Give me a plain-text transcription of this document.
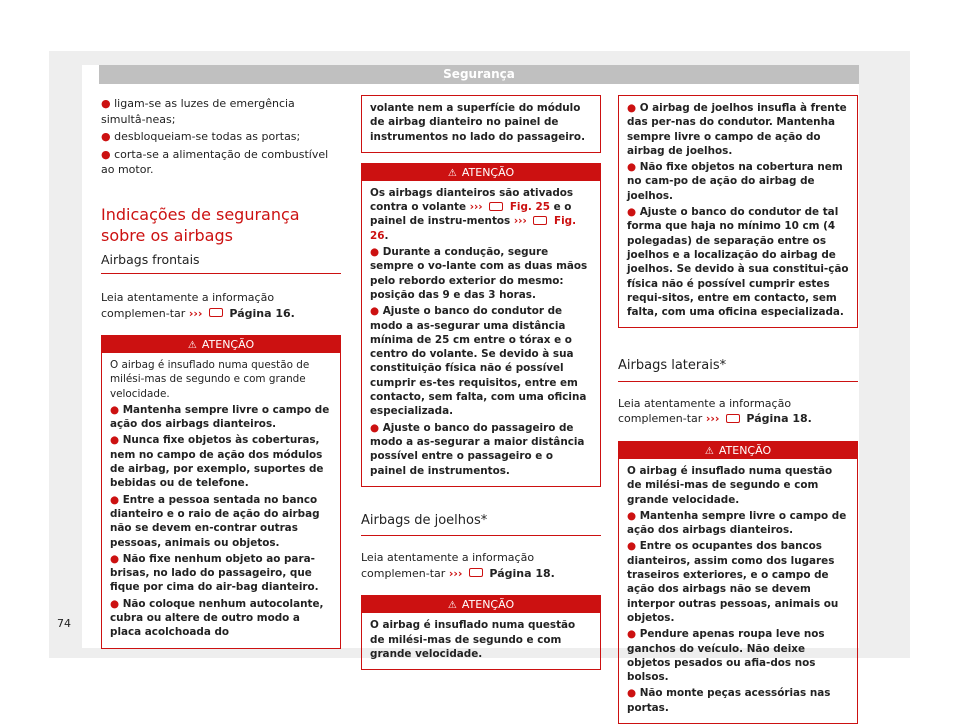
Segurança

● ligam-se as luzes de emergência simultâ-neas;

● desbloqueiam-se todas as portas;

● corta-se a alimentação de combustível ao motor.

Indicações de segurança sobre os airbags
Airbags frontais

Leia atentamente a informação complemen-tar ››› Página 16.

⚠ ATENÇÃO

O airbag é insuflado numa questão de milési-mas de segundo e com grande velocidade.

● Mantenha sempre livre o campo de ação dos airbags dianteiros.

● Nunca fixe objetos às coberturas, nem no campo de ação dos módulos de airbag, por exemplo, suportes de bebidas ou de telefone.

● Entre a pessoa sentada no banco dianteiro e o raio de ação do airbag não se devem en-contrar outras pessoas, animais ou objetos.

● Não fixe nenhum objeto ao para-brisas, no lado do passageiro, que fique por cima do air-bag dianteiro.

● Não coloque nenhum autocolante, cubra ou altere de outro modo a placa acolchoada do

volante nem a superfície do módulo de airbag dianteiro no painel de instrumentos no lado do passageiro.

⚠ ATENÇÃO

Os airbags dianteiros são ativados contra o volante ›››	Fig. 25 e o painel de instru-mentos ›››	Fig. 26.

● Durante a condução, segure sempre o vo-lante com as duas mãos pelo rebordo exterior do mesmo: posição das 9 e das 3 horas.

● Ajuste o banco do condutor de modo a as-segurar uma distância mínima de 25 cm entre o tórax e o centro do volante. Se devido à sua constituição física não é possível cumprir es-tes requisitos, entre em contacto, sem falta, com uma oficina especializada.

● Ajuste o banco do passageiro de modo a as-segurar a maior distância possível entre o passageiro e o painel de instrumentos.

Airbags de joelhos*

Leia atentamente a informação complemen-tar ››› Página 18.

⚠ ATENÇÃO

O airbag é insuflado numa questão de milési-mas de segundo e com grande velocidade.

● O airbag de joelhos insufla à frente das per-nas do condutor. Mantenha sempre livre o campo de ação do airbag de joelhos.

● Não fixe objetos na cobertura nem no cam-po de ação do airbag de joelhos.

● Ajuste o banco do condutor de tal forma que haja no mínimo 10 cm (4 polegadas) de separação entre os joelhos e a localização do airbag de joelhos. Se devido à sua constitui-ção física não é possível cumprir estes requi-sitos, entre em contacto, sem falta, com uma oficina especializada.

Airbags laterais*

Leia atentamente a informação complemen-tar ››› Página 18.

⚠ ATENÇÃO

O airbag é insuflado numa questão de milési-mas de segundo e com grande velocidade.

● Mantenha sempre livre o campo de ação dos airbags dianteiros.

● Entre os ocupantes dos bancos dianteiros, assim como dos lugares traseiros exteriores, e o campo de ação dos airbags não se devem interpor outras pessoas, animais ou objetos.

● Pendure apenas roupa leve nos ganchos do veículo. Não deixe objetos pesados ou afia-dos nos bolsos.

● Não monte peças acessórias nas portas.

74
